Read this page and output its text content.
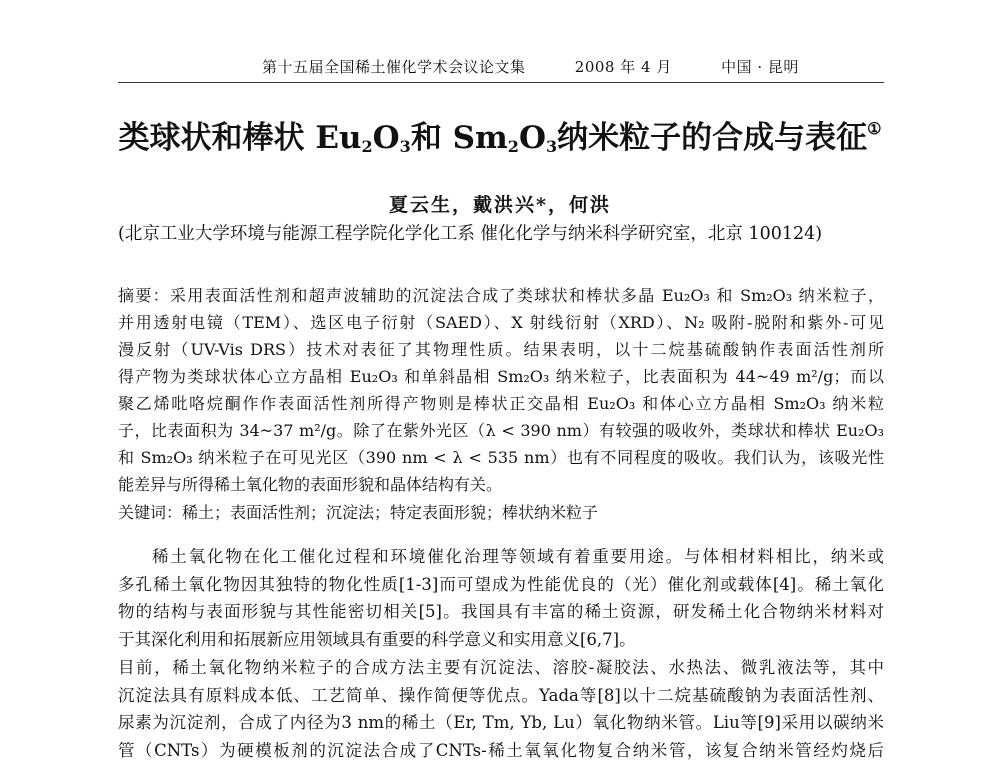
第十五届全国稀土催化学术会议论文集	2008 年 4 月	中国 · 昆明
类球状和棒状 $Eu_2O_3$和 $Sm_2O_3$纳米粒子的合成与表征①
夏云生，戴洪兴*，何洪
(北京工业大学环境与能源工程学院化学化工系 催化化学与纳米科学研究室，北京 100124)
摘要：采用表面活性剂和超声波辅助的沉淀法合成了类球状和棒状多晶 Eu₂O₃ 和 Sm₂O₃ 纳米粒子，
并用透射电镜（TEM）、选区电子衍射（SAED）、X 射线衍射（XRD）、N₂ 吸附-脱附和紫外-可见
漫反射（UV-Vis DRS）技术对表征了其物理性质。结果表明，以十二烷基硫酸钠作表面活性剂所
得产物为类球状体心立方晶相 Eu₂O₃ 和单斜晶相 Sm₂O₃ 纳米粒子，比表面积为 44~49 m²/g；而以
聚乙烯吡咯烷酮作作表面活性剂所得产物则是棒状正交晶相 Eu₂O₃ 和体心立方晶相 Sm₂O₃ 纳米粒
子，比表面积为 34~37 m²/g。除了在紫外光区（λ < 390 nm）有较强的吸收外，类球状和棒状 Eu₂O₃
和 Sm₂O₃ 纳米粒子在可见光区（390 nm < λ < 535 nm）也有不同程度的吸收。我们认为，该吸光性
能差异与所得稀土氧化物的表面形貌和晶体结构有关。
关键词：稀土；表面活性剂；沉淀法；特定表面形貌；棒状纳米粒子
稀土氧化物在化工催化过程和环境催化治理等领域有着重要用途。与体相材料相比，纳米或
多孔稀土氧化物因其独特的物化性质[1-3]而可望成为性能优良的（光）催化剂或载体[4]。稀土氧化
物的结构与表面形貌与其性能密切相关[5]。我国具有丰富的稀土资源，研发稀土化合物纳米材料对
于其深化利用和拓展新应用领域具有重要的科学意义和实用意义[6,7]。
目前，稀土氧化物纳米粒子的合成方法主要有沉淀法、溶胶-凝胶法、水热法、微乳液法等，其中
沉淀法具有原料成本低、工艺简单、操作简便等优点。Yada等[8]以十二烷基硫酸钠为表面活性剂、
尿素为沉淀剂，合成了内径为3 nm的稀土（Er, Tm, Yb, Lu）氧化物纳米管。Liu等[9]采用以碳纳米
管（CNTs）为硬模板剂的沉淀法合成了CNTs-稀土氧氧化物复合纳米管，该复合纳米管经灼烧后
